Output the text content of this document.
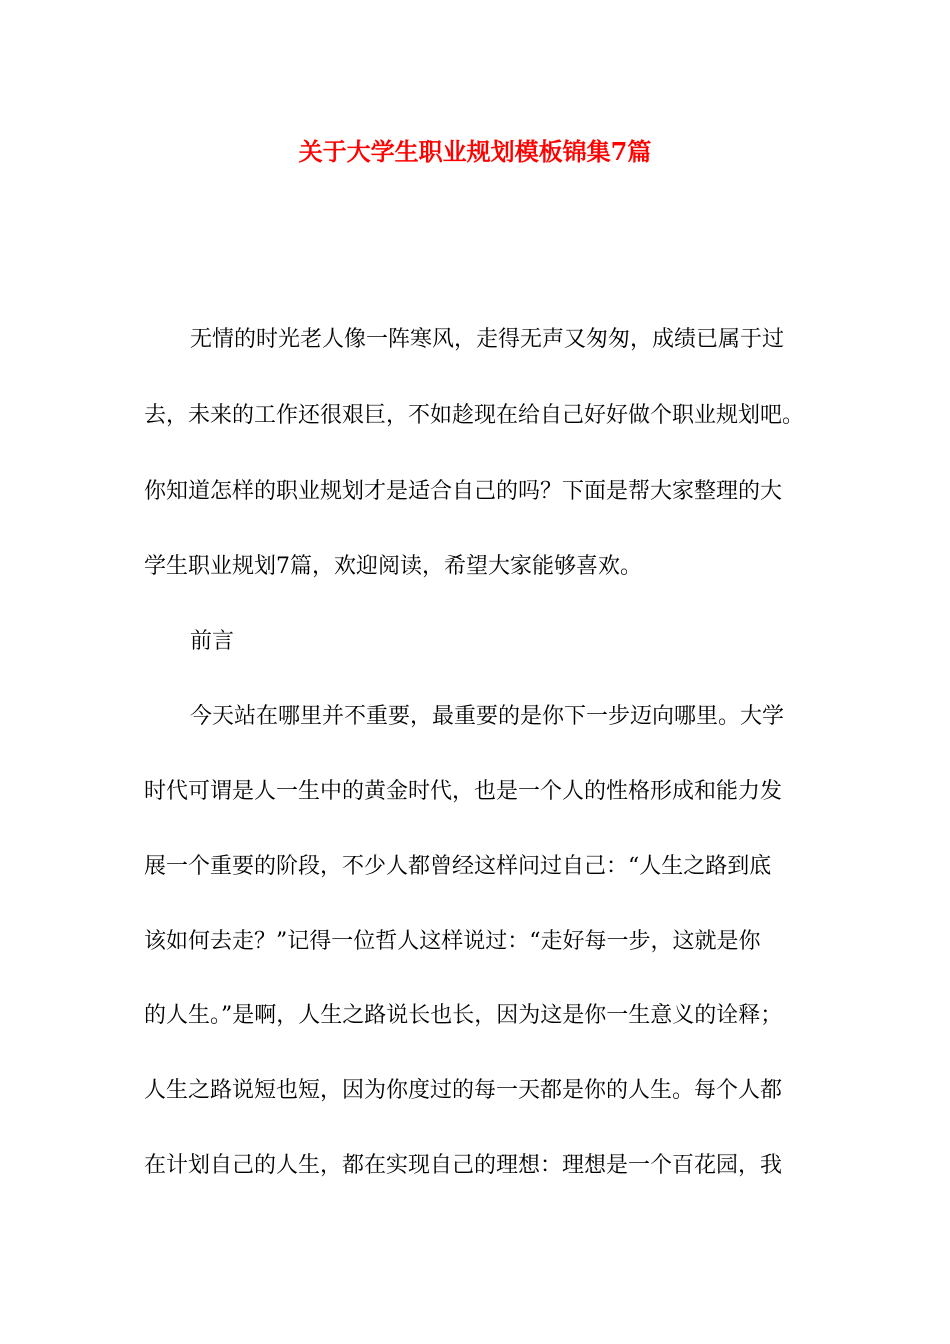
关于大学生职业规划模板锦集7篇

无情的时光老人像一阵寒风，走得无声又匆匆，成绩已属于过

去，未来的工作还很艰巨，不如趁现在给自己好好做个职业规划吧。

你知道怎样的职业规划才是适合自己的吗？下面是帮大家整理的大

学生职业规划7篇，欢迎阅读，希望大家能够喜欢。

前言

今天站在哪里并不重要，最重要的是你下一步迈向哪里。大学

时代可谓是人一生中的黄金时代，也是一个人的性格形成和能力发

展一个重要的阶段，不少人都曾经这样问过自己：“人生之路到底

该如何去走？”记得一位哲人这样说过：“走好每一步，这就是你

的人生。”是啊，人生之路说长也长，因为这是你一生意义的诠释；

人生之路说短也短，因为你度过的每一天都是你的人生。每个人都

在计划自己的人生，都在实现自己的理想：理想是一个百花园，我
